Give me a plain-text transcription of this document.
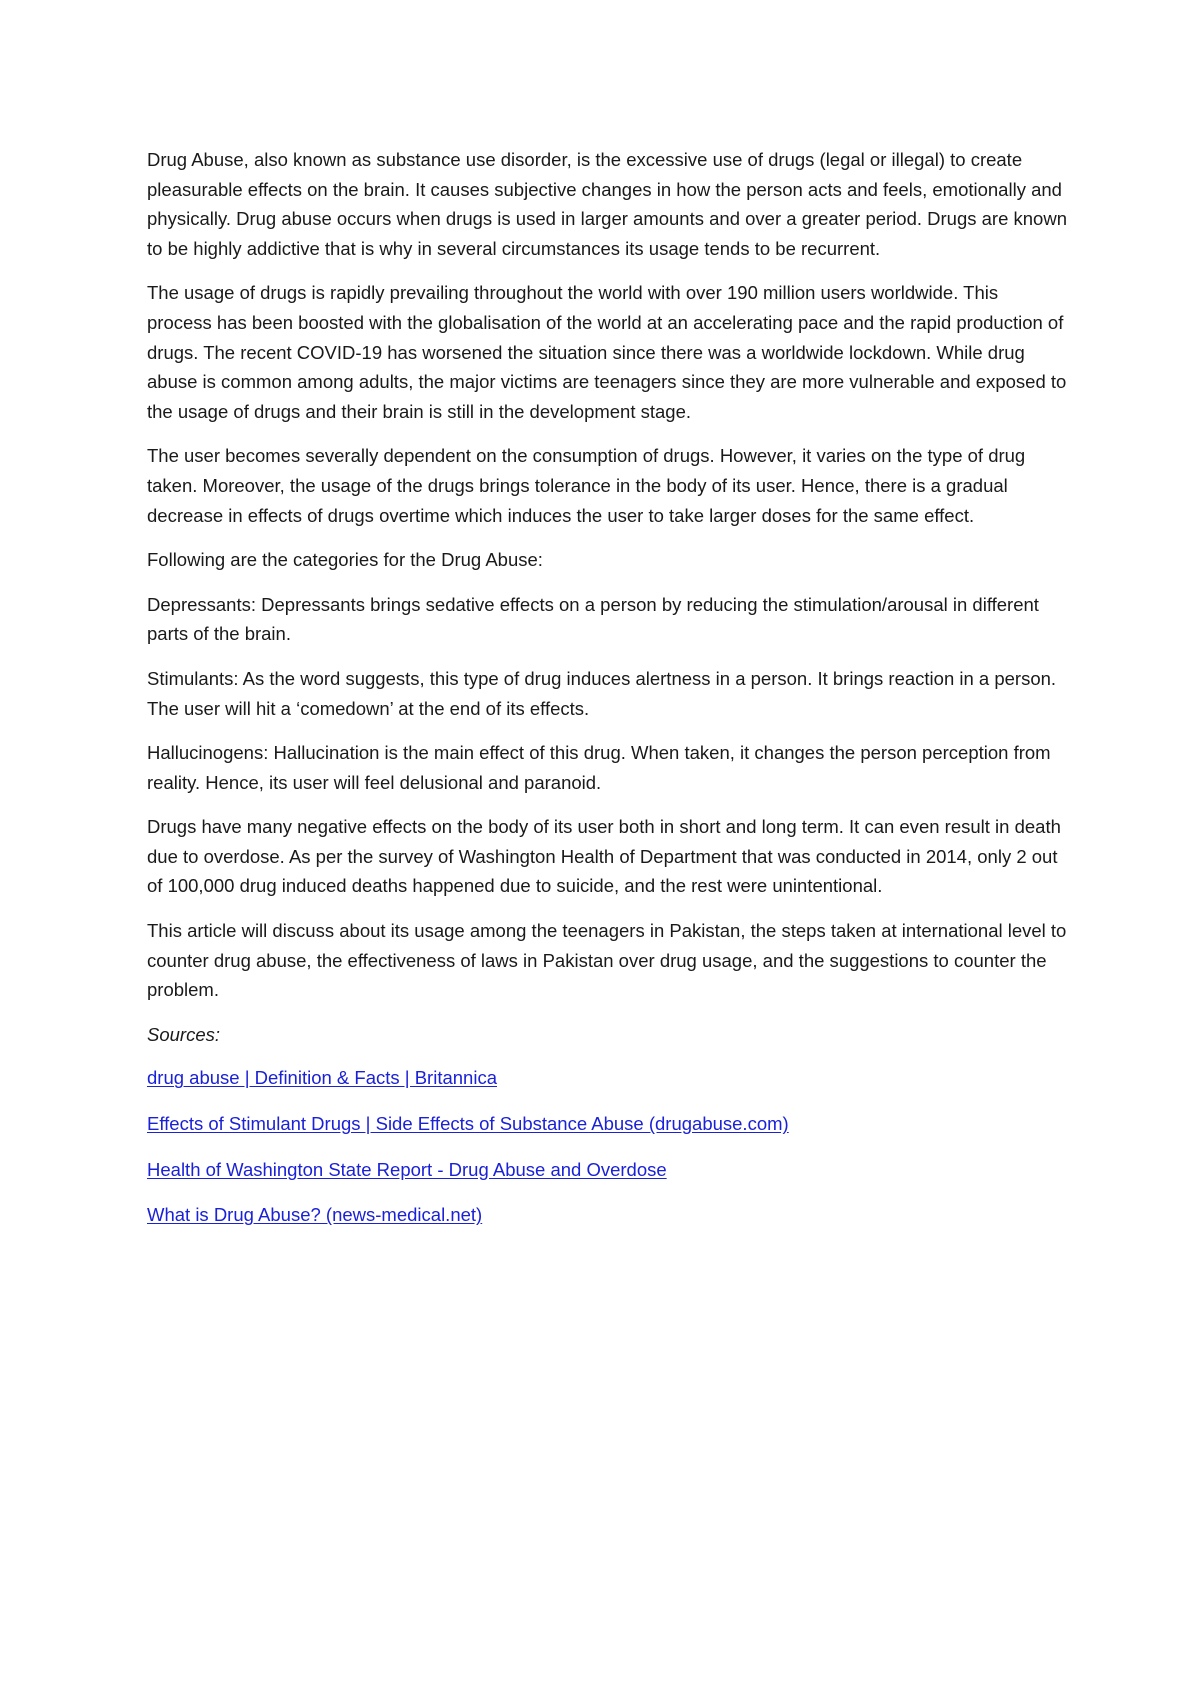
Drug Abuse, also known as substance use disorder, is the excessive use of drugs (legal or illegal) to create pleasurable effects on the brain. It causes subjective changes in how the person acts and feels, emotionally and physically. Drug abuse occurs when drugs is used in larger amounts and over a greater period. Drugs are known to be highly addictive that is why in several circumstances its usage tends to be recurrent.

The usage of drugs is rapidly prevailing throughout the world with over 190 million users worldwide. This process has been boosted with the globalisation of the world at an accelerating pace and the rapid production of drugs. The recent COVID-19 has worsened the situation since there was a worldwide lockdown. While drug abuse is common among adults, the major victims are teenagers since they are more vulnerable and exposed to the usage of drugs and their brain is still in the development stage.

The user becomes severally dependent on the consumption of drugs. However, it varies on the type of drug taken. Moreover, the usage of the drugs brings tolerance in the body of its user. Hence, there is a gradual decrease in effects of drugs overtime which induces the user to take larger doses for the same effect.

Following are the categories for the Drug Abuse:

Depressants: Depressants brings sedative effects on a person by reducing the stimulation/arousal in different parts of the brain.

Stimulants: As the word suggests, this type of drug induces alertness in a person. It brings reaction in a person. The user will hit a ‘comedown’ at the end of its effects.

Hallucinogens: Hallucination is the main effect of this drug. When taken, it changes the person perception from reality. Hence, its user will feel delusional and paranoid.

Drugs have many negative effects on the body of its user both in short and long term. It can even result in death due to overdose. As per the survey of Washington Health of Department that was conducted in 2014, only 2 out of 100,000 drug induced deaths happened due to suicide, and the rest were unintentional.

This article will discuss about its usage among the teenagers in Pakistan, the steps taken at international level to counter drug abuse, the effectiveness of laws in Pakistan over drug usage, and the suggestions to counter the problem.

Sources:

drug abuse | Definition & Facts | Britannica

Effects of Stimulant Drugs | Side Effects of Substance Abuse (drugabuse.com)

Health of Washington State Report - Drug Abuse and Overdose

What is Drug Abuse? (news-medical.net)
